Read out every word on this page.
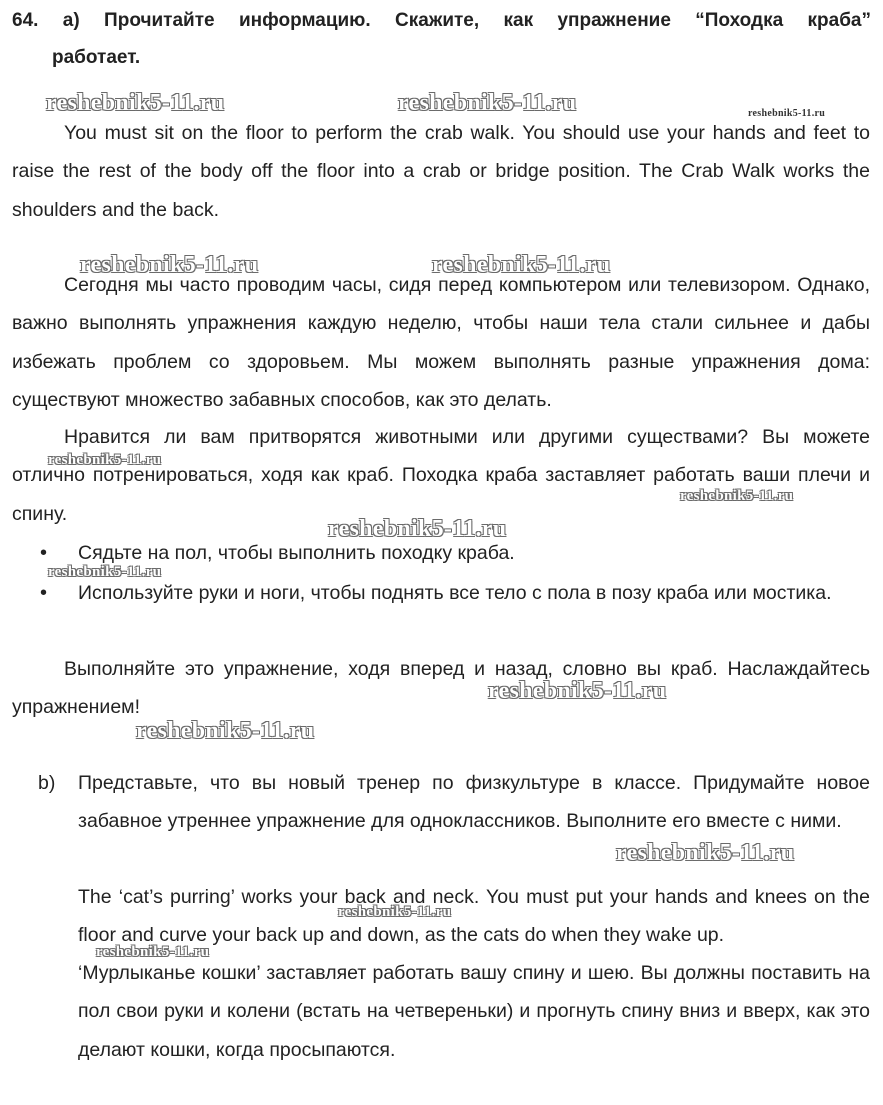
64. a) Прочитайте информацию. Скажите, как упражнение “Походка краба”
работает.

You must sit on the floor to perform the crab walk. You should use your hands and feet to raise the rest of the body off the floor into a crab or bridge position. The Crab Walk works the shoulders and the back.

Сегодня мы часто проводим часы, сидя перед компьютером или телевизором. Однако, важно выполнять упражнения каждую неделю, чтобы наши тела стали сильнее и дабы избежать проблем со здоровьем. Мы можем выполнять разные упражнения дома: существуют множество забавных способов, как это делать.

Нравится ли вам притворятся животными или другими существами? Вы можете отлично потренироваться, ходя как краб. Походка краба заставляет работать ваши плечи и спину.

• Сядьте на пол, чтобы выполнить походку краба.

• Используйте руки и ноги, чтобы поднять все тело с пола в позу краба или мостика.

Выполняйте это упражнение, ходя вперед и назад, словно вы краб. Наслаждайтесь упражнением!

b) Представьте, что вы новый тренер по физкультуре в классе. Придумайте новое забавное утреннее упражнение для одноклассников. Выполните его вместе с ними.

The ‘cat’s purring’ works your back and neck. You must put your hands and knees on the floor and curve your back up and down, as the cats do when they wake up.

‘Мурлыканье кошки’ заставляет работать вашу спину и шею. Вы должны поставить на пол свои руки и колени (встать на четвереньки) и прогнуть спину вниз и вверх, как это делают кошки, когда просыпаются.

reshebnik5-11.ru	reshebnik5-11.ru	reshebnik5-11.ru
reshebnik5-11.ru	reshebnik5-11.ru
reshebnik5-11.ru
reshebnik5-11.ru
reshebnik5-11.ru
reshebnik5-11.ru
reshebnik5-11.ru
reshebnik5-11.ru
reshebnik5-11.ru
reshebnik5-11.ru
reshebnik5-11.ru
